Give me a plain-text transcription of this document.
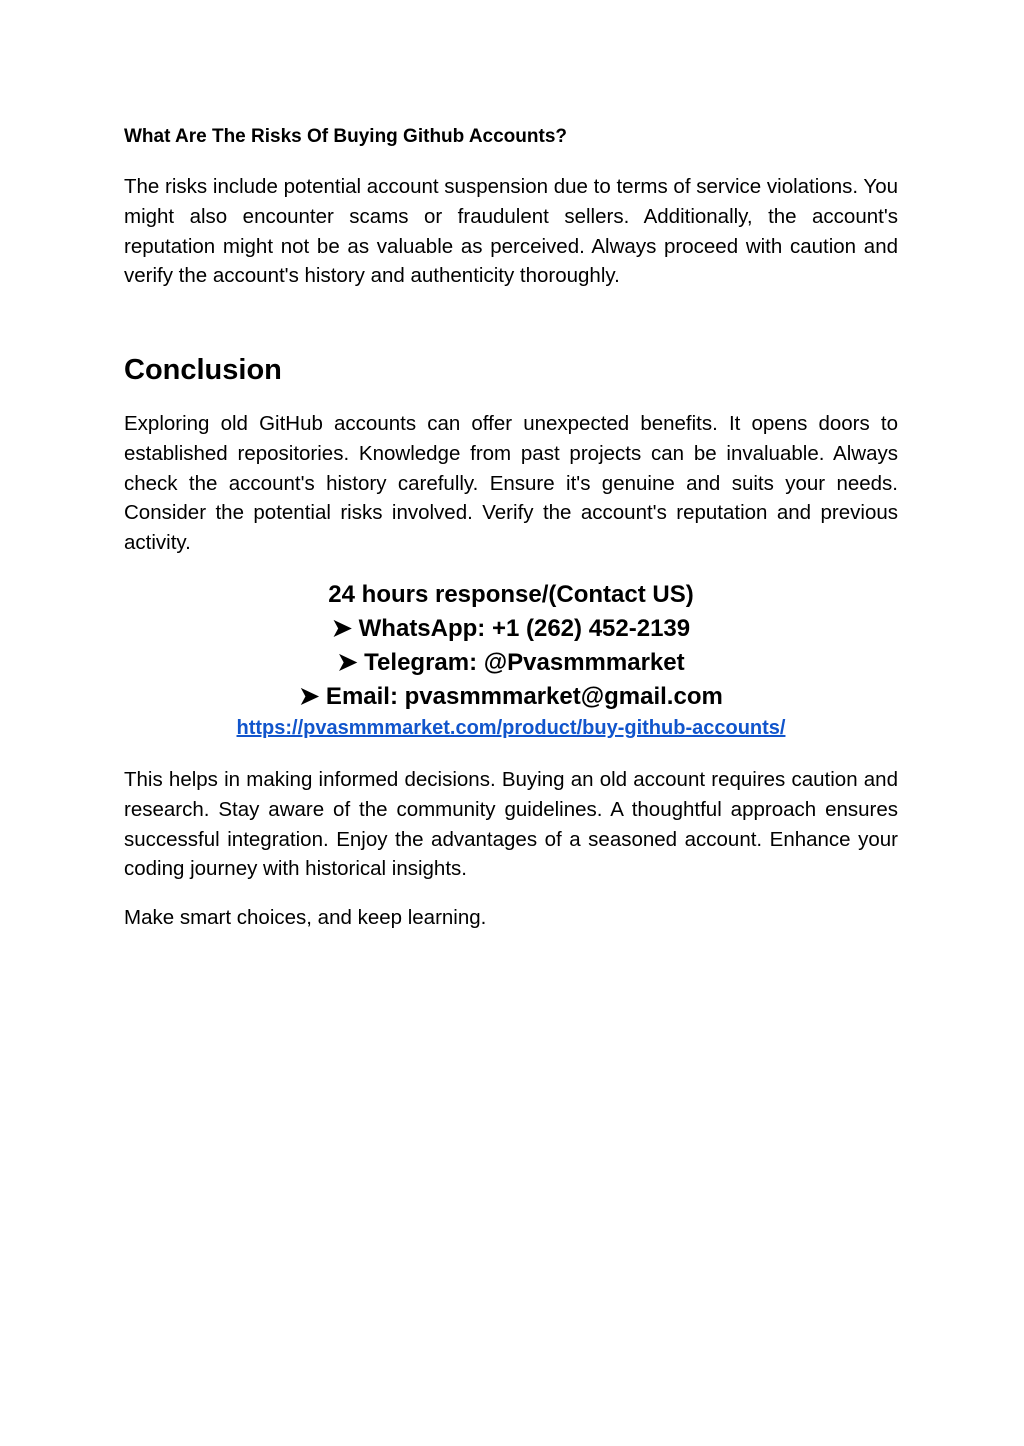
What Are The Risks Of Buying Github Accounts?

The risks include potential account suspension due to terms of service violations. You might also encounter scams or fraudulent sellers. Additionally, the account's reputation might not be as valuable as perceived. Always proceed with caution and verify the account's history and authenticity thoroughly.

Conclusion

Exploring old GitHub accounts can offer unexpected benefits. It opens doors to established repositories. Knowledge from past projects can be invaluable. Always check the account's history carefully. Ensure it's genuine and suits your needs. Consider the potential risks involved. Verify the account's reputation and previous activity.

24 hours response/(Contact US)
➤ WhatsApp: +1 (262) 452-2139
➤ Telegram: @Pvasmmmarket
➤ Email: pvasmmmarket@gmail.com
https://pvasmmmarket.com/product/buy-github-accounts/

This helps in making informed decisions. Buying an old account requires caution and research. Stay aware of the community guidelines. A thoughtful approach ensures successful integration. Enjoy the advantages of a seasoned account. Enhance your coding journey with historical insights.

Make smart choices, and keep learning.
